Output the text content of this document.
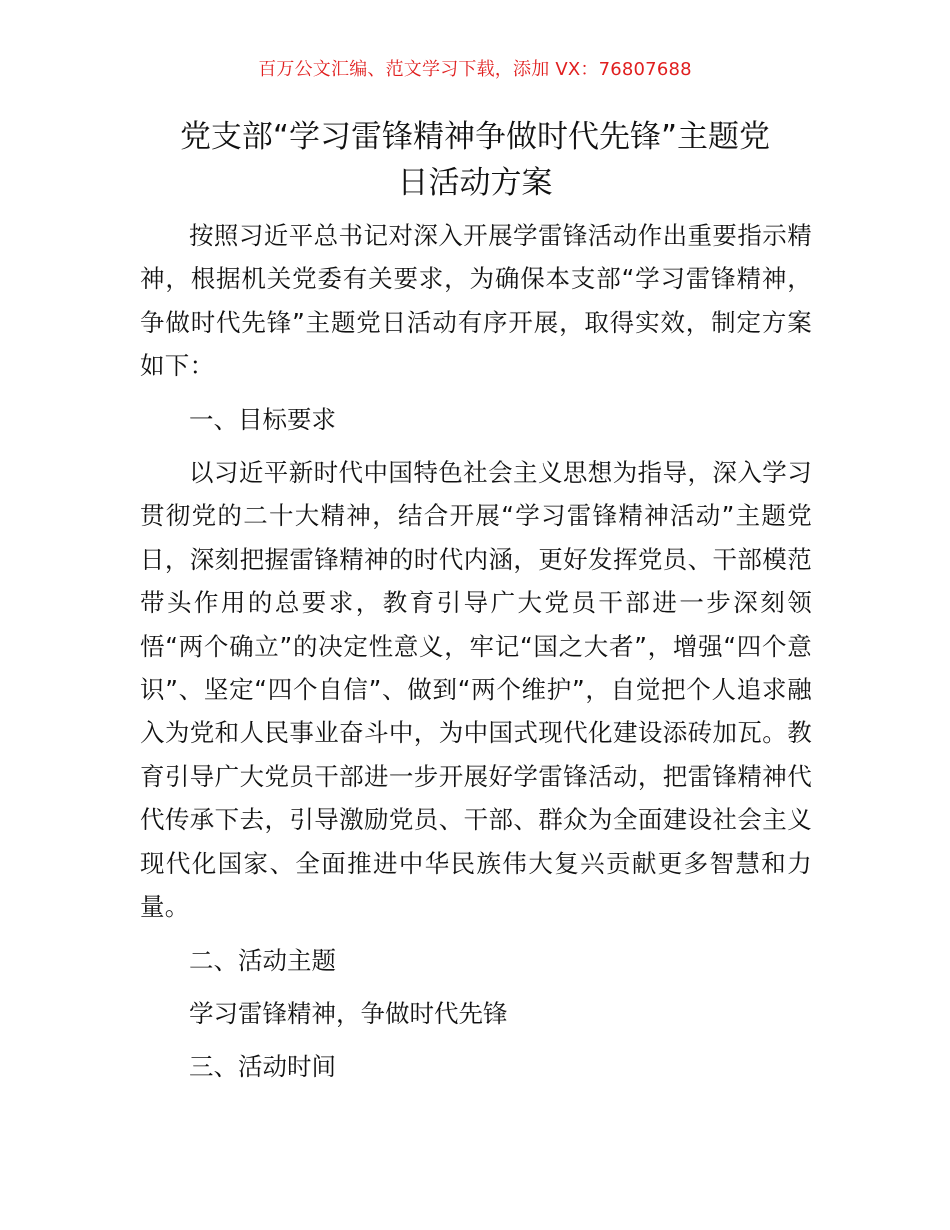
百万公文汇编、范文学习下载，添加 VX：76807688
党支部“学习雷锋精神争做时代先锋”主题党
日活动方案

按照习近平总书记对深入开展学雷锋活动作出重要指示精神，根据机关党委有关要求，为确保本支部“学习雷锋精神，争做时代先锋”主题党日活动有序开展，取得实效，制定方案如下：

一、目标要求

以习近平新时代中国特色社会主义思想为指导，深入学习贯彻党的二十大精神，结合开展“学习雷锋精神活动”主题党日，深刻把握雷锋精神的时代内涵，更好发挥党员、干部模范带头作用的总要求，教育引导广大党员干部进一步深刻领悟“两个确立”的决定性意义，牢记“国之大者”，增强“四个意识”、坚定“四个自信”、做到“两个维护”，自觉把个人追求融入为党和人民事业奋斗中，为中国式现代化建设添砖加瓦。教育引导广大党员干部进一步开展好学雷锋活动，把雷锋精神代代传承下去，引导激励党员、干部、群众为全面建设社会主义现代化国家、全面推进中华民族伟大复兴贡献更多智慧和力量。

二、活动主题

学习雷锋精神，争做时代先锋

三、活动时间
